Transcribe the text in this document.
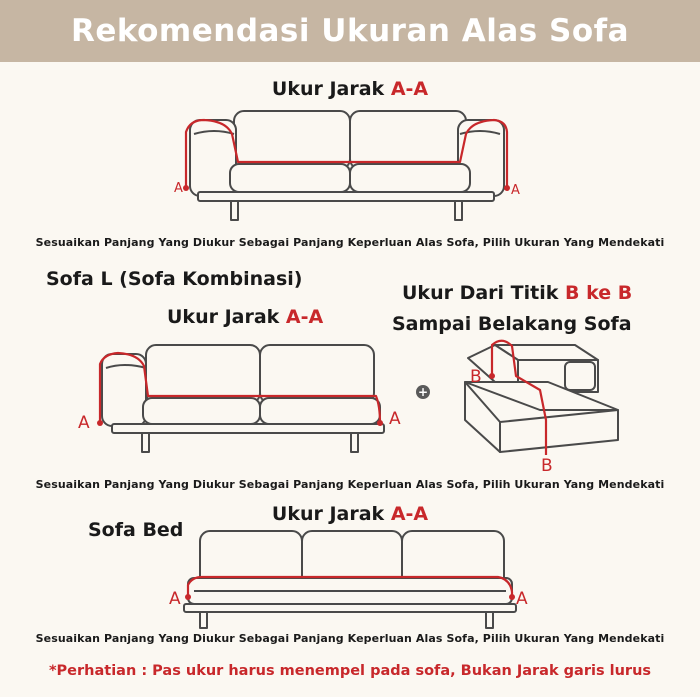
Rekomendasi Ukuran Alas Sofa
Ukur Jarak A-A
Sesuaikan Panjang Yang Diukur Sebagai Panjang Keperluan Alas Sofa, Pilih Ukuran Yang Mendekati
Sofa L (Sofa Kombinasi)
Ukur Jarak A-A
Ukur Dari Titik B ke B
Sampai Belakang Sofa
Sesuaikan Panjang Yang Diukur Sebagai Panjang Keperluan Alas Sofa, Pilih Ukuran Yang Mendekati
Sofa Bed
Ukur Jarak A-A
Sesuaikan Panjang Yang Diukur Sebagai Panjang Keperluan Alas Sofa, Pilih Ukuran Yang Mendekati
*Perhatian : Pas ukur harus menempel pada sofa, Bukan Jarak garis lurus
+
A	A
A	A
B
B
A	A
